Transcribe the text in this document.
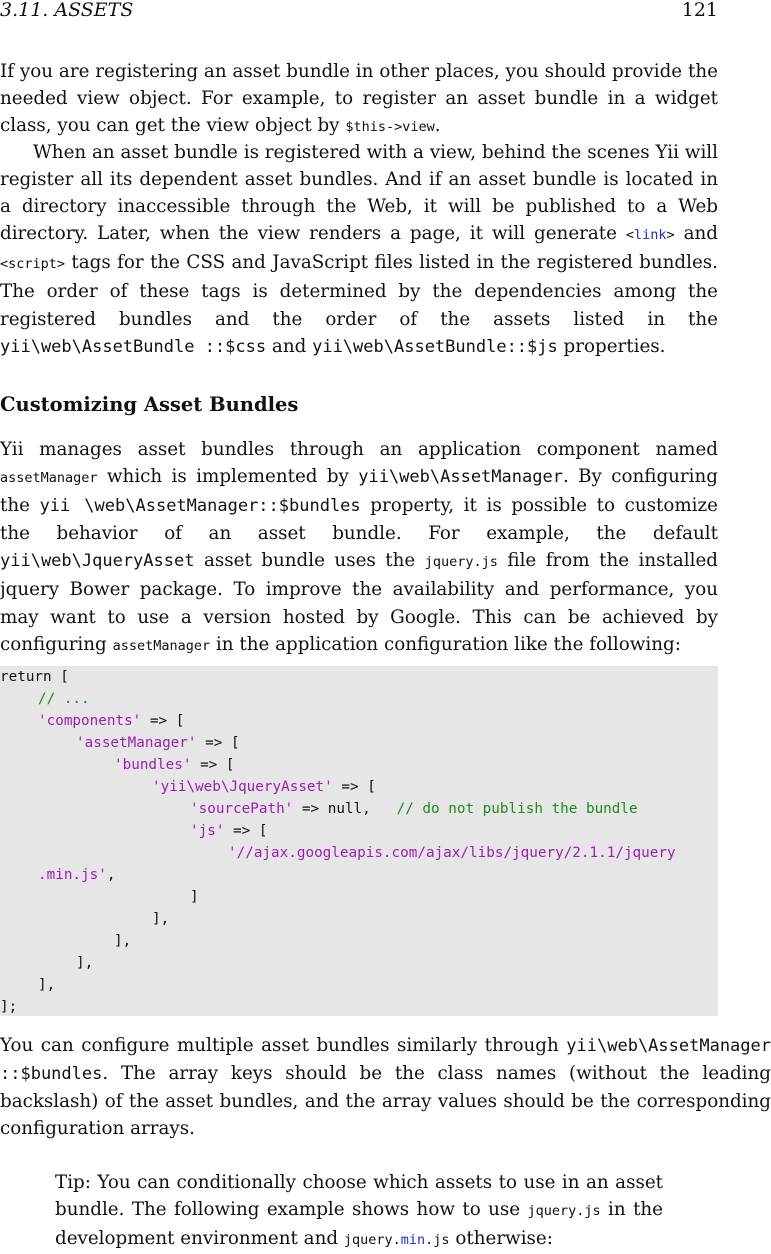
3.11. ASSETS	121
If you are registering an asset bundle in other places, you should provide the needed view object. For example, to register an asset bundle in a widget class, you can get the view object by $this->view.
When an asset bundle is registered with a view, behind the scenes Yii will register all its dependent asset bundles. And if an asset bundle is located in a directory inaccessible through the Web, it will be published to a Web directory. Later, when the view renders a page, it will generate <link> and <script> tags for the CSS and JavaScript files listed in the registered bundles. The order of these tags is determined by the dependencies among the registered bundles and the order of the assets listed in the yii\web\AssetBundle ::$css and yii\web\AssetBundle::$js properties.
Customizing Asset Bundles
Yii manages asset bundles through an application component named assetManager which is implemented by yii\web\AssetManager. By configuring the yii \web\AssetManager::$bundles property, it is possible to customize the behavior of an asset bundle. For example, the default yii\web\JqueryAsset asset bundle uses the jquery.js file from the installed jquery Bower package. To improve the availability and performance, you may want to use a version hosted by Google. This can be achieved by configuring assetManager in the application configuration like the following:
return [
// ...
'components' => [
'assetManager' => [
'bundles' => [
'yii\web\JqueryAsset' => [
'sourcePath' => null,   // do not publish the bundle
'js' => [
'//ajax.googleapis.com/ajax/libs/jquery/2.1.1/jquery
.min.js',
]
],
],
],
],
];
You can configure multiple asset bundles similarly through yii\web\AssetManager ::$bundles. The array keys should be the class names (without the leading backslash) of the asset bundles, and the array values should be the corresponding configuration arrays.
Tip: You can conditionally choose which assets to use in an asset bundle. The following example shows how to use jquery.js in the development environment and jquery.min.js otherwise:
